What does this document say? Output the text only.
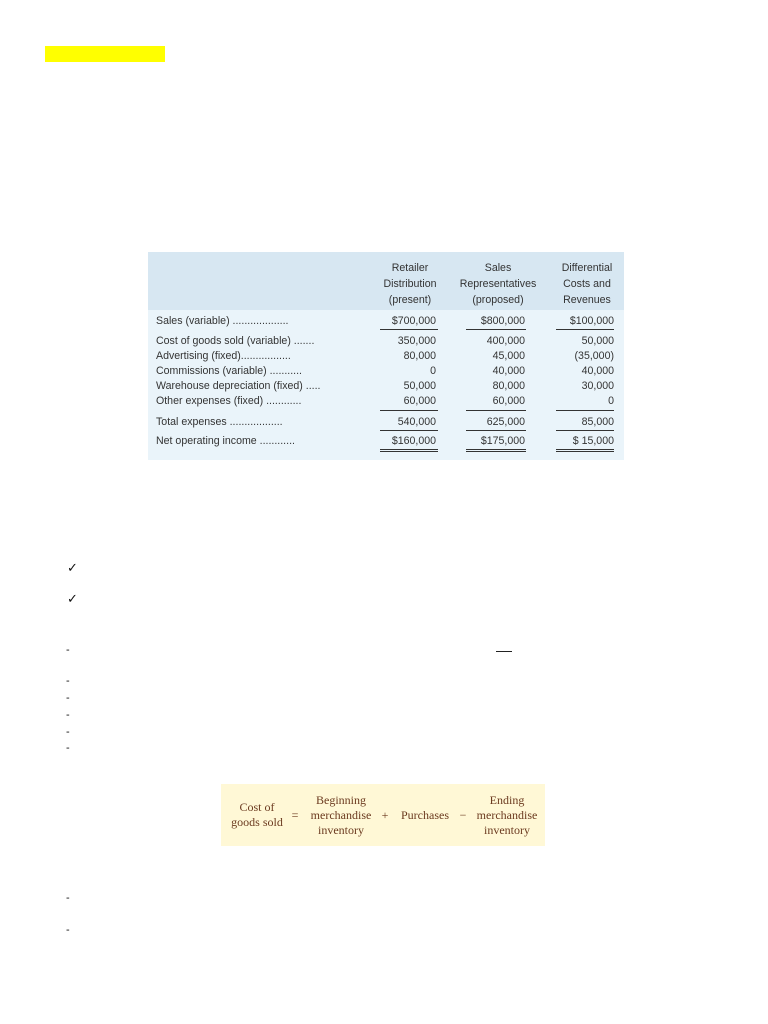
Retailer
Distribution
(present)
Sales
Representatives
(proposed)
Differential
Costs and
Revenues
Sales (variable) ...................
Cost of goods sold (variable) .......
Advertising (fixed).................
Commissions (variable) ...........
Warehouse depreciation (fixed) .....
Other expenses (fixed) ............
Total expenses ..................
Net operating income ............
$700,000
350,000
80,000
0
50,000
60,000
540,000
$160,000
$800,000
400,000
45,000
40,000
80,000
60,000
625,000
$175,000
$100,000
50,000
(35,000)
40,000
30,000
0
85,000
$ 15,000
✓
✓
-
-
-
-
-
-
Cost of
goods sold =
Beginning
merchandise
inventory
+	Purchases −
Ending
merchandise
inventory
-
-
